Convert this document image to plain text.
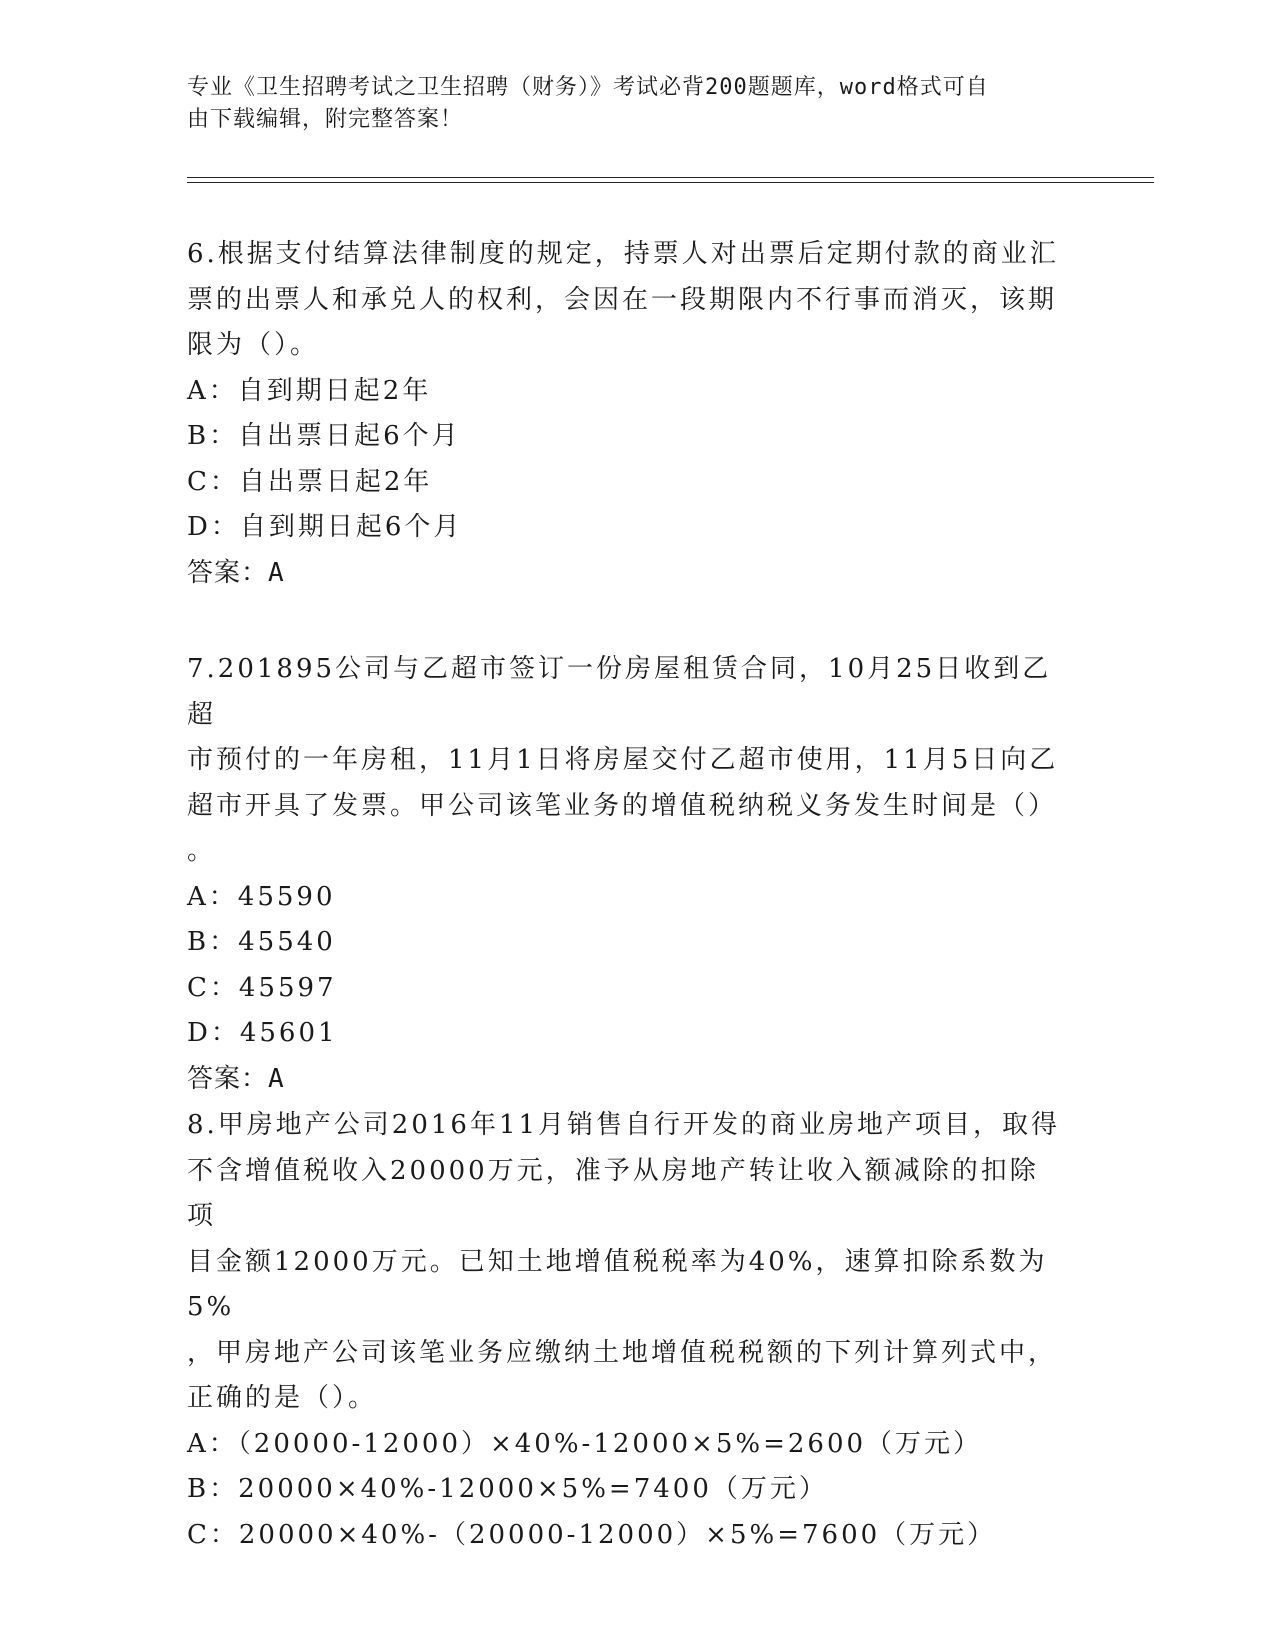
专业《卫生招聘考试之卫生招聘（财务）》考试必背200题题库，word格式可自
由下载编辑，附完整答案！

6.根据支付结算法律制度的规定，持票人对出票后定期付款的商业汇

票的出票人和承兑人的权利，会因在一段期限内不行事而消灭，该期

限为（）。

A：自到期日起2年

B：自出票日起6个月

C：自出票日起2年

D：自到期日起6个月

答案：A

7.201895公司与乙超市签订一份房屋租赁合同，10月25日收到乙超

市预付的一年房租，11月1日将房屋交付乙超市使用，11月5日向乙

超市开具了发票。甲公司该笔业务的增值税纳税义务发生时间是（）

。

A：45590

B：45540

C：45597

D：45601

答案：A

8.甲房地产公司2016年11月销售自行开发的商业房地产项目，取得

不含增值税收入20000万元，准予从房地产转让收入额减除的扣除项

目金额12000万元。已知土地增值税税率为40%，速算扣除系数为5%

，甲房地产公司该笔业务应缴纳土地增值税税额的下列计算列式中，

正确的是（）。

A：（20000-12000）×40%-12000×5%=2600（万元）

B：20000×40%-12000×5%=7400（万元）

C：20000×40%-（20000-12000）×5%=7600（万元）
